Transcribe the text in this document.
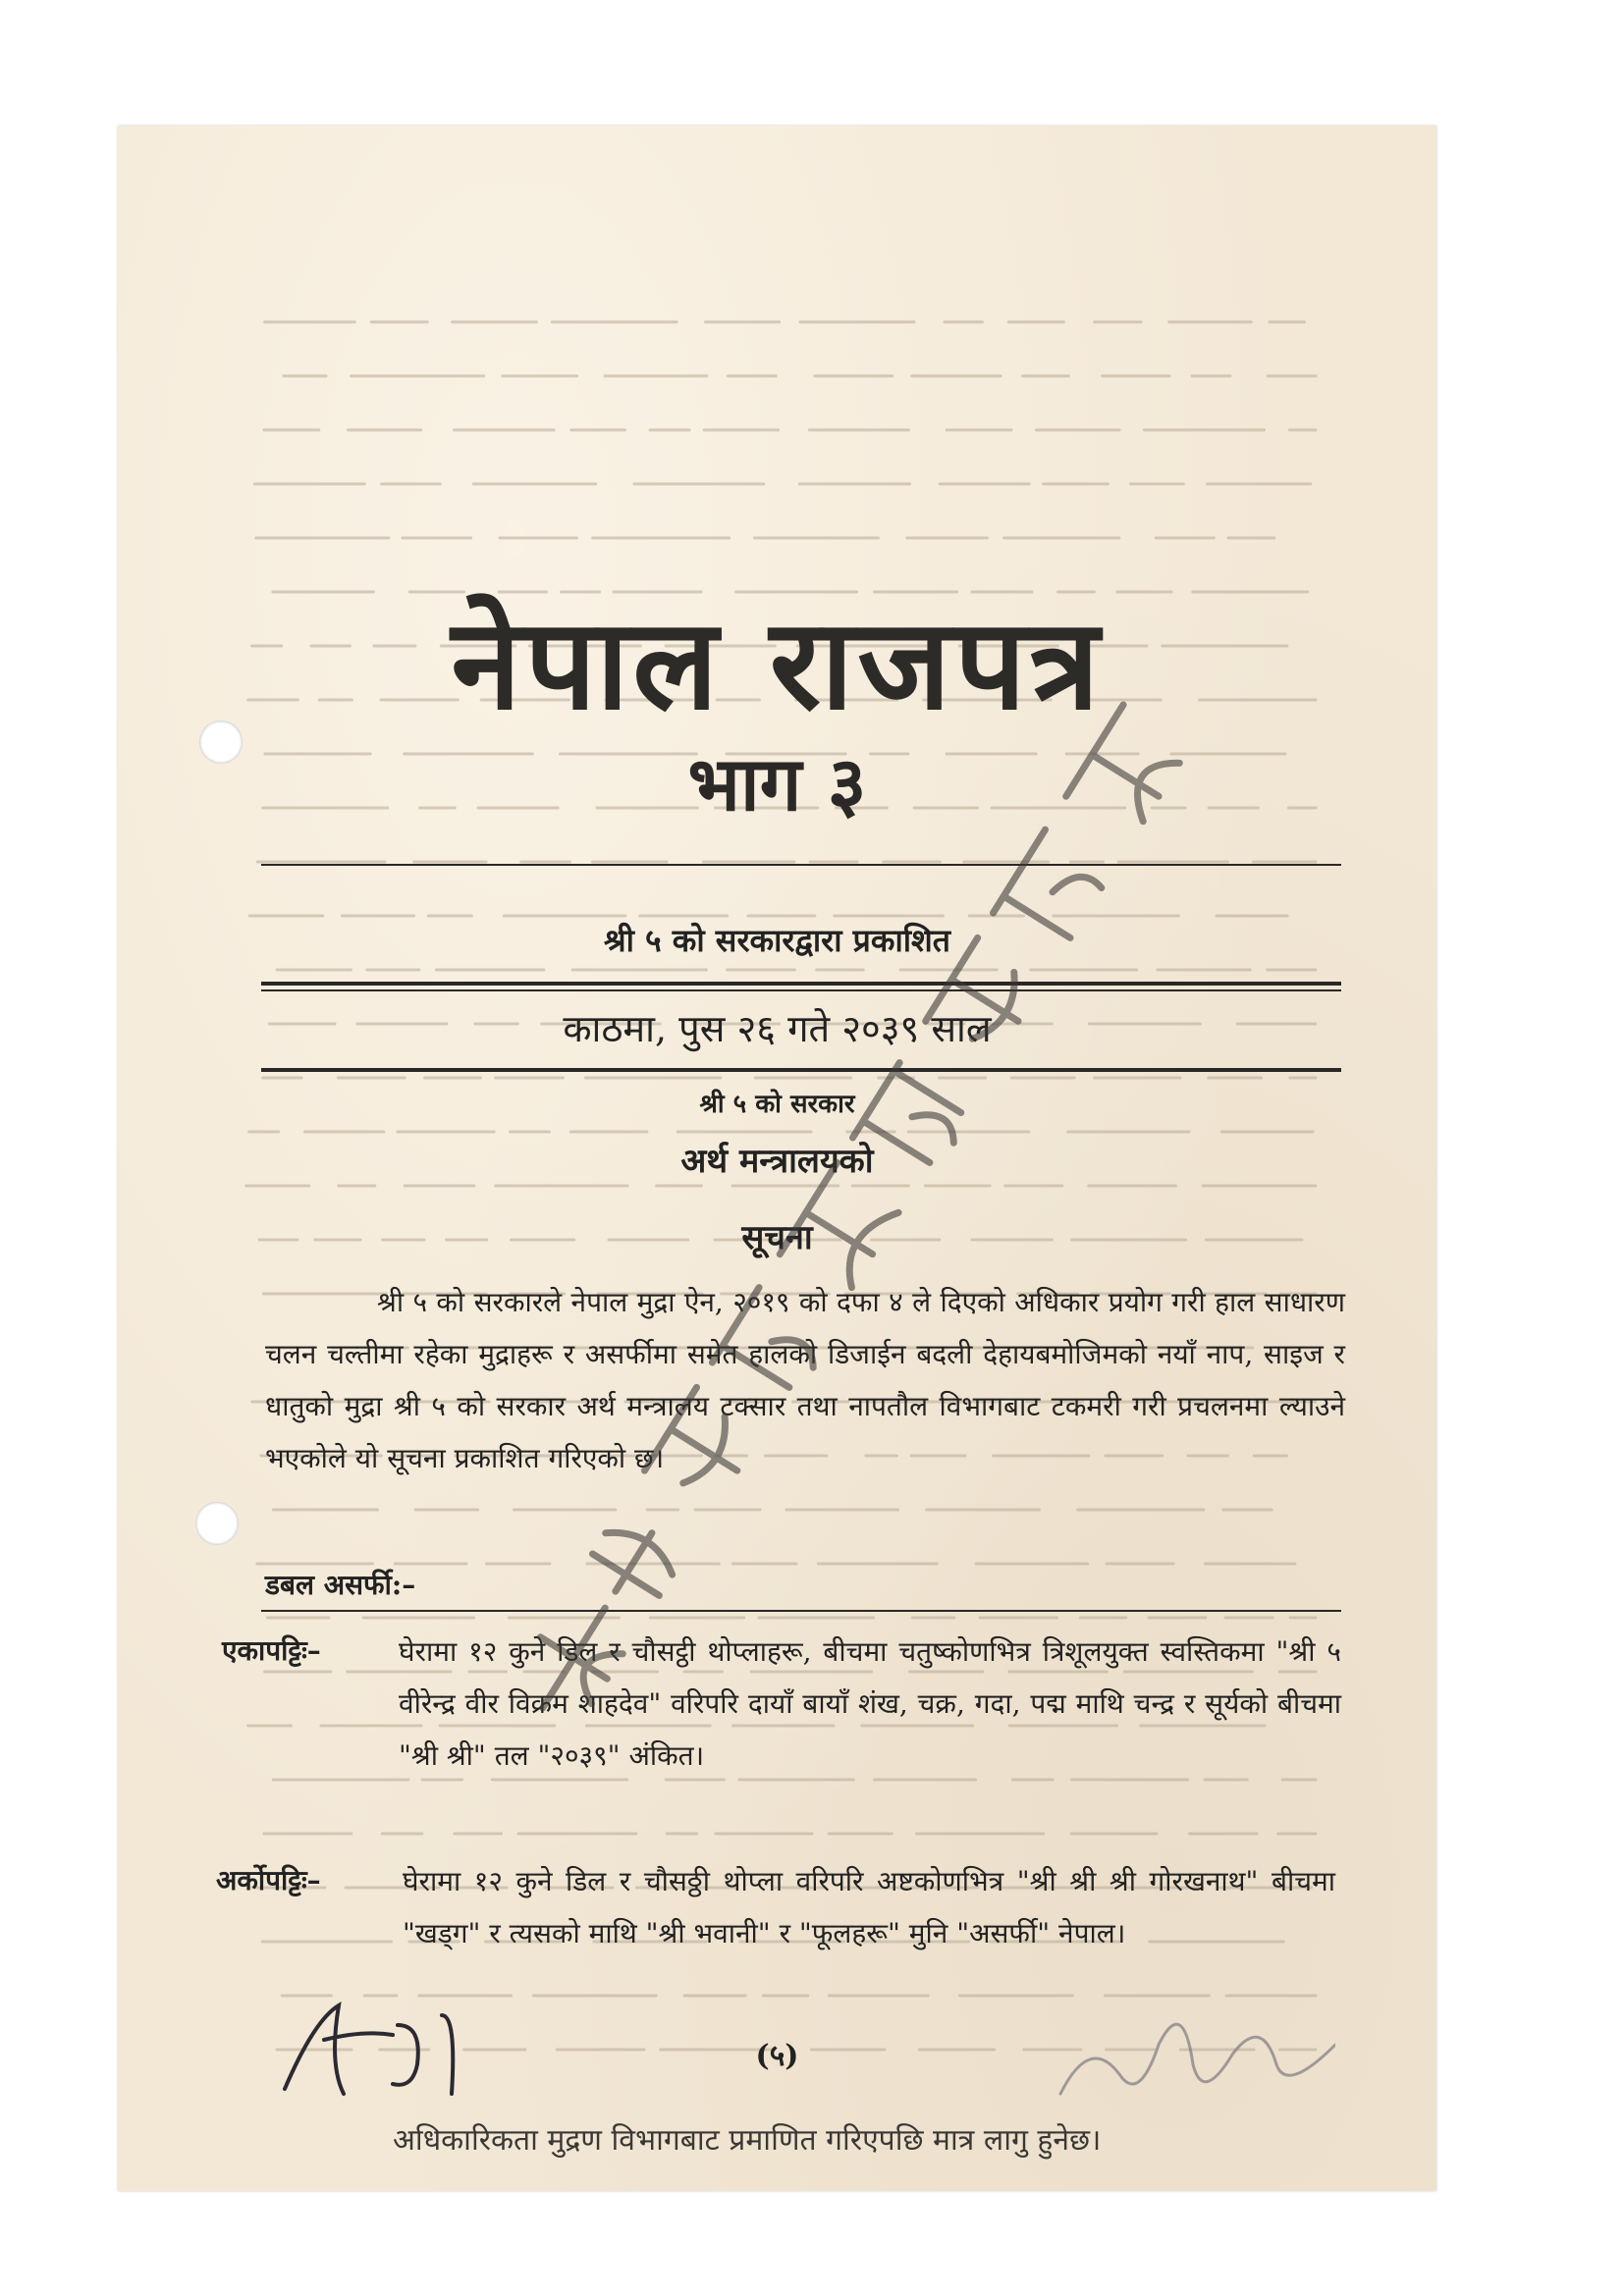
नेपाल राजपत्र
भाग ३
श्री ५ को सरकारद्वारा प्रकाशित
काठमा, पुस २६ गते २०३९ साल
श्री ५ को सरकार
अर्थ मन्त्रालयको
सूचना
श्री ५ को सरकारले नेपाल मुद्रा ऐन, २०१९ को दफा ४ ले दिएको अधिकार प्रयोग गरी हाल साधारण चलन चल्तीमा रहेका मुद्राहरू र असर्फीमा समेत हालको डिजाईन बदली देहायबमोजिमको नयाँ नाप, साइज र धातुको मुद्रा श्री ५ को सरकार अर्थ मन्त्रालय टक्सार तथा नापतौल विभागबाट टकमरी गरी प्रचलनमा ल्याउने भएकोले यो सूचना प्रकाशित गरिएको छ।
डबल असर्फी:–
एकापट्टिः–	घेरामा १२ कुने डिल र चौसट्ठी थोप्लाहरू, बीचमा चतुष्कोणभित्र त्रिशूलयुक्त स्वस्तिकमा "श्री ५ वीरेन्द्र वीर विक्रम शाहदेव" वरिपरि दायाँ बायाँ शंख, चक्र, गदा, पद्म माथि चन्द्र र सूर्यको बीचमा "श्री श्री" तल "२०३९" अंकित।
अर्कोपट्टिः–	घेरामा १२ कुने डिल र चौसठ्ठी थोप्ला वरिपरि अष्टकोणभित्र "श्री श्री श्री गोरखनाथ" बीचमा "खड्ग" र त्यसको माथि "श्री भवानी" र "फूलहरू" मुनि "असर्फी" नेपाल।
(५)
अधिकारिकता मुद्रण विभागबाट प्रमाणित गरिएपछि मात्र लागु हुनेछ।
